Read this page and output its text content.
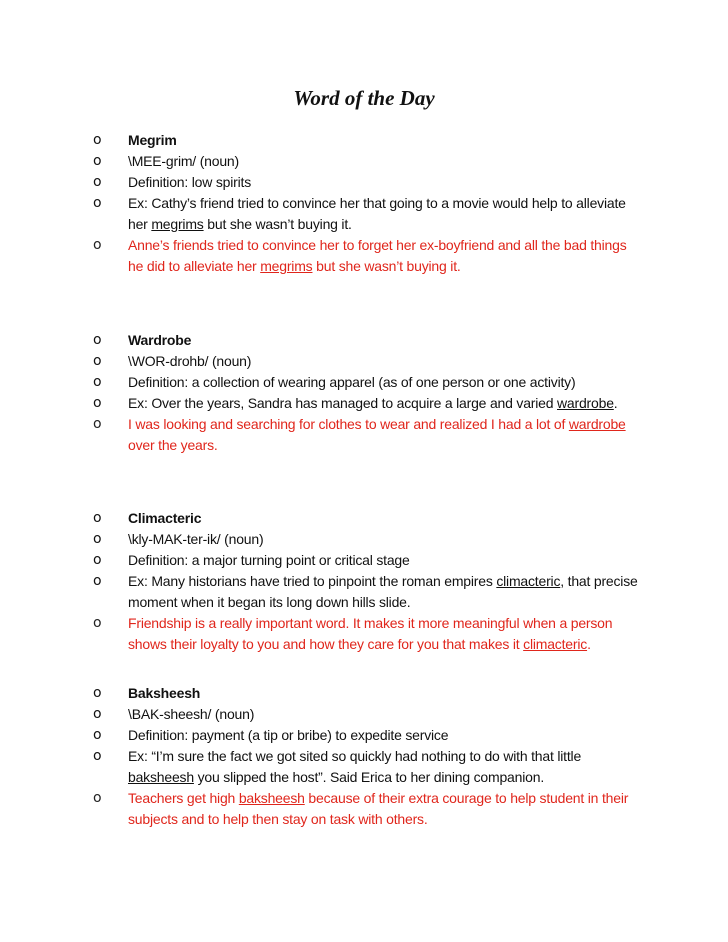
Word of the Day
o	Megrim
o	\MEE-grim/ (noun)
o	Definition: low spirits
o	Ex: Cathy’s friend tried to convince her that going to a movie would help to alleviate her megrims but she wasn’t buying it.
o	Anne’s friends tried to convince her to forget her ex-boyfriend and all the bad things he did to alleviate her megrims but she wasn’t buying it.
o	Wardrobe
o	\WOR-drohb/ (noun)
o	Definition: a collection of wearing apparel (as of one person or one activity)
o	Ex: Over the years, Sandra has managed to acquire a large and varied wardrobe.
o	I was looking and searching for clothes to wear and realized I had a lot of wardrobe over the years.
o	Climacteric
o	\kly-MAK-ter-ik/ (noun)
o	Definition: a major turning point or critical stage
o	Ex: Many historians have tried to pinpoint the roman empires climacteric, that precise moment when it began its long down hills slide.
o	Friendship is a really important word. It makes it more meaningful when a person shows their loyalty to you and how they care for you that makes it climacteric.
o	Baksheesh
o	\BAK-sheesh/ (noun)
o	Definition: payment (a tip or bribe) to expedite service
o	Ex: “I’m sure the fact we got sited so quickly had nothing to do with that little baksheesh you slipped the host”. Said Erica to her dining companion.
o	Teachers get high baksheesh because of their extra courage to help student in their subjects and to help then stay on task with others.
